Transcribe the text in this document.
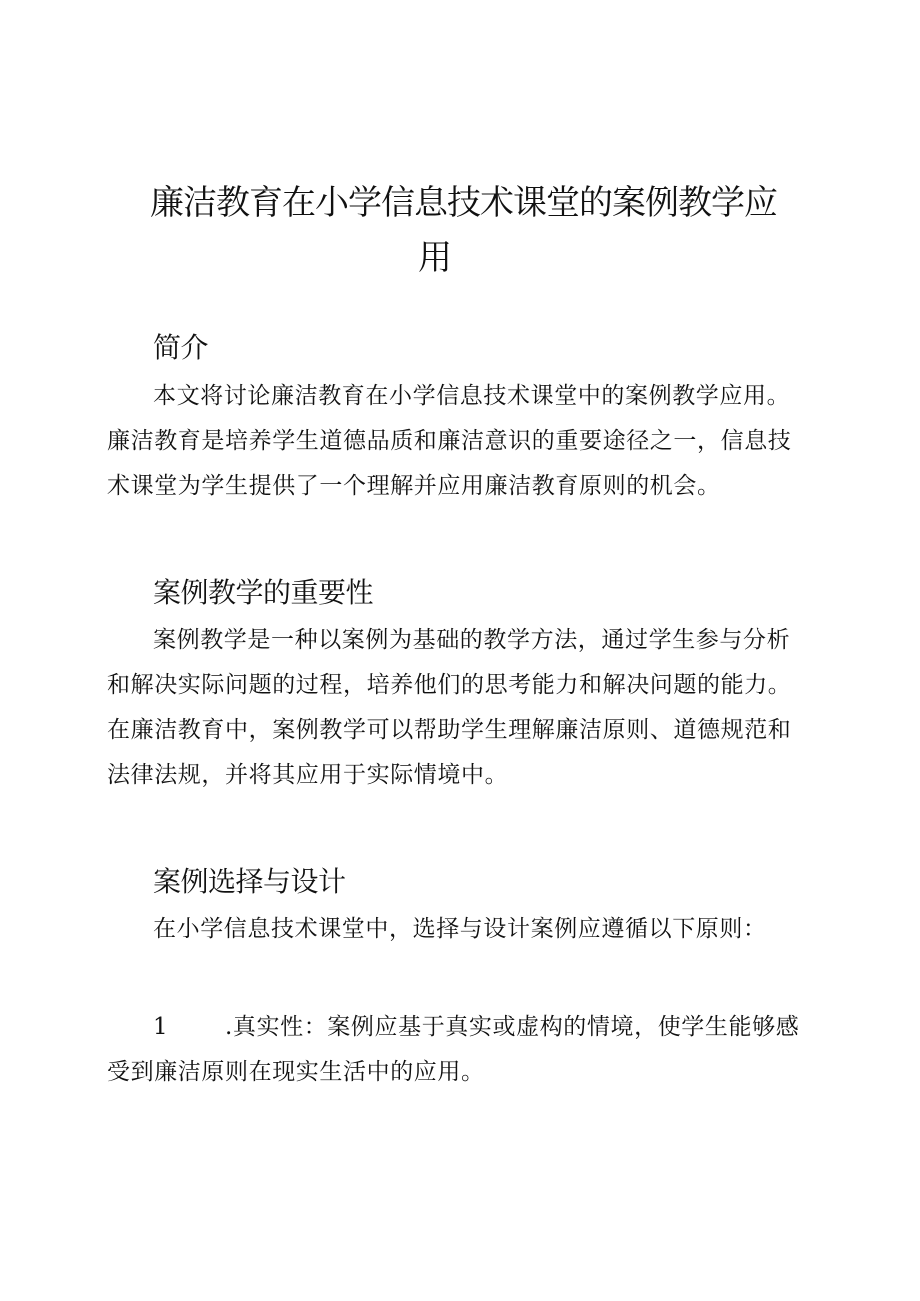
廉洁教育在小学信息技术课堂的案例教学应
用
简介

本文将讨论廉洁教育在小学信息技术课堂中的案例教学应用。廉洁教育是培养学生道德品质和廉洁意识的重要途径之一，信息技术课堂为学生提供了一个理解并应用廉洁教育原则的机会。

案例教学的重要性

案例教学是一种以案例为基础的教学方法，通过学生参与分析和解决实际问题的过程，培养他们的思考能力和解决问题的能力。在廉洁教育中，案例教学可以帮助学生理解廉洁原则、道德规范和法律法规，并将其应用于实际情境中。

案例选择与设计

在小学信息技术课堂中，选择与设计案例应遵循以下原则：

1 .真实性：案例应基于真实或虚构的情境，使学生能够感受到廉洁原则在现实生活中的应用。
